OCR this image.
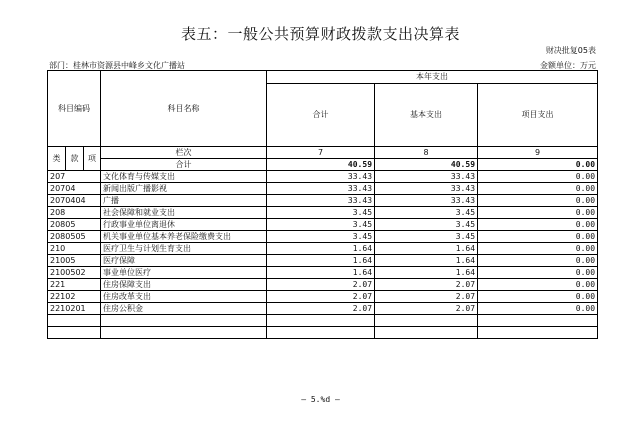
表五：一般公共预算财政拨款支出决算表
财决批复05表
部门：桂林市资源县中峰乡文化广播站	金额单位：万元
科目编码			科目名称	本年支出		
				合计	基本支出	项目支出
类	款	项	栏次	7	8	9
			合计	40.59	40.59	0.00
207			文化体育与传媒支出	33.43	33.43	0.00
20704			新闻出版广播影视	33.43	33.43	0.00
2070404			广播	33.43	33.43	0.00
208			社会保障和就业支出	3.45	3.45	0.00
20805			行政事业单位离退休	3.45	3.45	0.00
2080505			机关事业单位基本养老保险缴费支出	3.45	3.45	0.00
210			医疗卫生与计划生育支出	1.64	1.64	0.00
21005			医疗保障	1.64	1.64	0.00
2100502			事业单位医疗	1.64	1.64	0.00
221			住房保障支出	2.07	2.07	0.00
22102			住房改革支出	2.07	2.07	0.00
2210201			住房公积金	2.07	2.07	0.00

— 5.%d —
